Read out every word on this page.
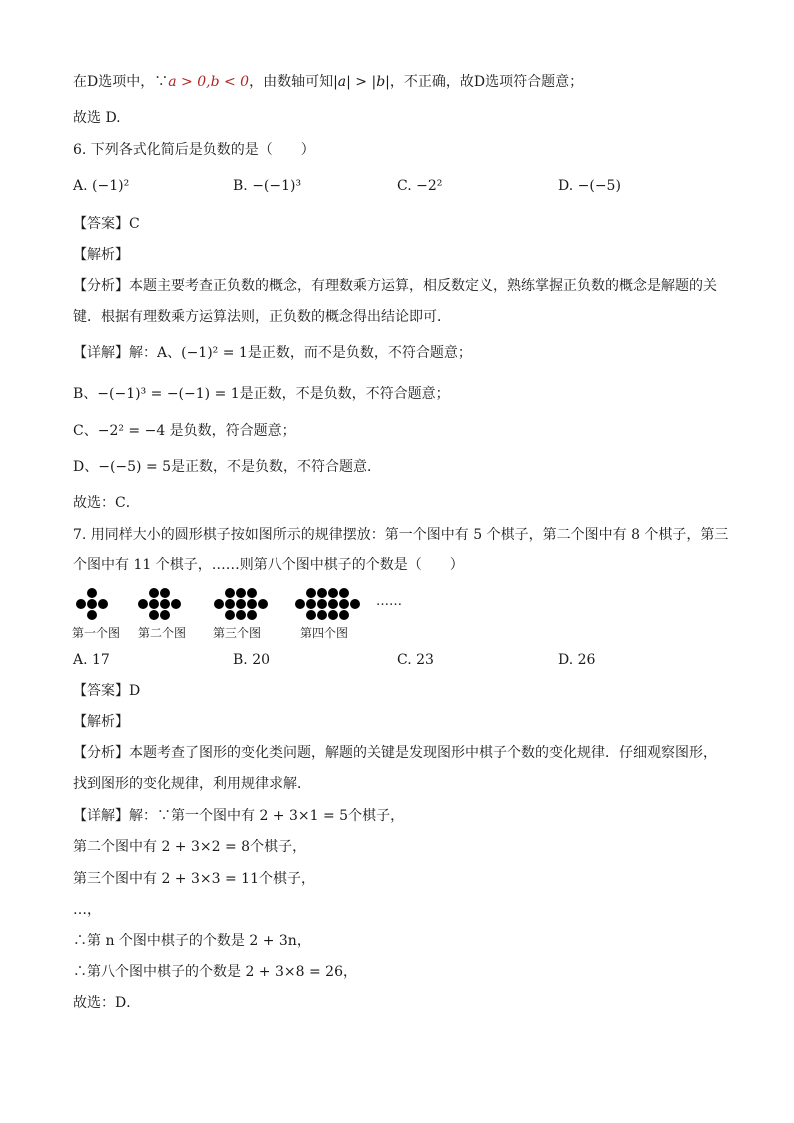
在D选项中，∵a > 0,b < 0，由数轴可知|a| > |b|，不正确，故D选项符合题意；
故选 D.
6. 下列各式化简后是负数的是（　　）
A. (−1)²	B. −(−1)³	C. −2²	D. −(−5)
【答案】C
【解析】
【分析】本题主要考查正负数的概念，有理数乘方运算，相反数定义，熟练掌握正负数的概念是解题的关
键．根据有理数乘方运算法则，正负数的概念得出结论即可．
【详解】解：A、(−1)² = 1是正数，而不是负数，不符合题意；
B、−(−1)³ = −(−1) = 1是正数，不是负数，不符合题意；
C、−2² = −4 是负数，符合题意；
D、−(−5) = 5是正数，不是负数，不符合题意．
故选：C．
7. 用同样大小的圆形棋子按如图所示的规律摆放：第一个图中有 5 个棋子，第二个图中有 8 个棋子，第三
个图中有 11 个棋子，……则第八个图中棋子的个数是（　　）
……
第一个图 第二个图 第三个图	第四个图
A. 17	B. 20	C. 23	D. 26
【答案】D
【解析】
【分析】本题考查了图形的变化类问题，解题的关键是发现图形中棋子个数的变化规律．仔细观察图形，
找到图形的变化规律，利用规律求解．
【详解】解：∵第一个图中有 2 + 3×1 = 5个棋子，
第二个图中有 2 + 3×2 = 8个棋子，
第三个图中有 2 + 3×3 = 11个棋子，
…，
∴第 n 个图中棋子的个数是 2 + 3n，
∴第八个图中棋子的个数是 2 + 3×8 = 26，
故选：D．
